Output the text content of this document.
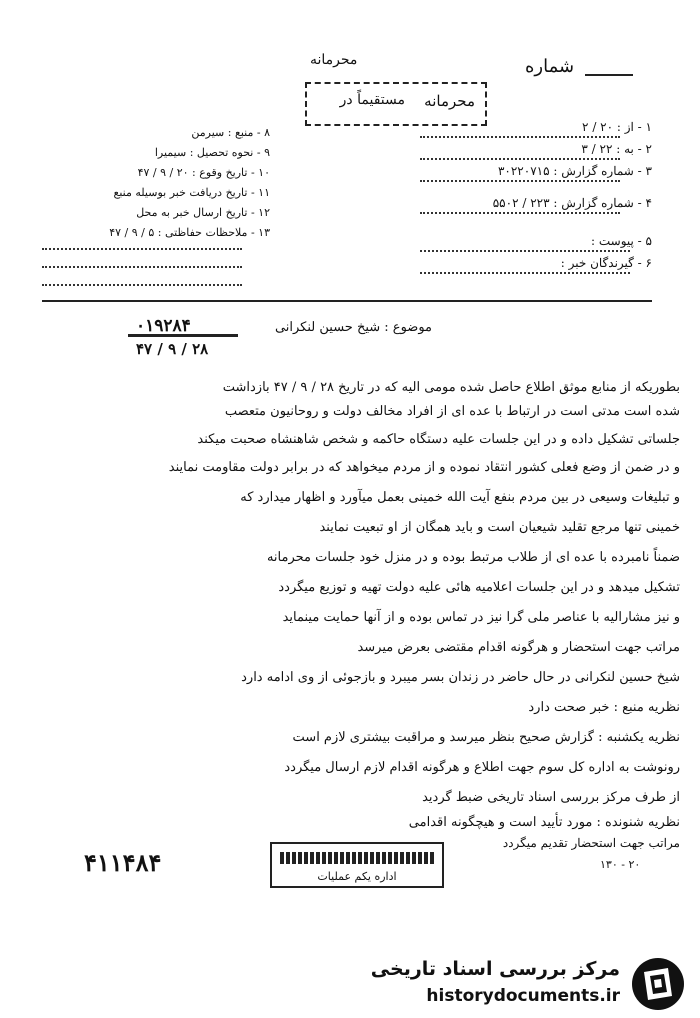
محرمانه
مستقیماً در
شماره
محرمانه
۱ - از : ۲۰ / ۲
۲ - به : ۲۲ / ۳
۳ - شماره گزارش : ۳۰۲۲۰۷۱۵
۴ - شماره گزارش : ۲۲۳ / ۵۵۰۲
۵ - پیوست :
۶ - گیرندگان خبر :
۸ - منبع : سیرمن
۹ - نحوه تحصیل : سیمیرا
۱۰ - تاریخ وقوع : ۲۰ / ۹ / ۴۷
۱۱ - تاریخ دریافت خبر بوسیله منبع
۱۲ - تاریخ ارسال خبر به محل
۱۳ - ملاحظات حفاظتی : ۵ / ۹ / ۴۷
۰۱۹۲۸۴
۲۸ / ۹ / ۴۷
موضوع : شیخ حسین لنکرانی
بطوریکه از منابع موثق اطلاع حاصل شده مومی الیه که در تاریخ ۲۸ / ۹ / ۴۷ بازداشت
شده است مدتی است در ارتباط با عده ای از افراد مخالف دولت و روحانیون متعصب
جلساتی تشکیل داده و در این جلسات علیه دستگاه حاکمه و شخص شاهنشاه صحبت میکند
و در ضمن از وضع فعلی کشور انتقاد نموده و از مردم میخواهد که در برابر دولت مقاومت نمایند
و تبلیغات وسیعی در بین مردم بنفع آیت الله خمینی بعمل میآورد و اظهار میدارد که
خمینی تنها مرجع تقلید شیعیان است و باید همگان از او تبعیت نمایند
ضمناً نامبرده با عده ای از طلاب مرتبط بوده و در منزل خود جلسات محرمانه
تشکیل میدهد و در این جلسات اعلامیه هائی علیه دولت تهیه و توزیع میگردد
و نیز مشارالیه با عناصر ملی گرا نیز در تماس بوده و از آنها حمایت مینماید
مراتب جهت استحضار و هرگونه اقدام مقتضی بعرض میرسد
شیخ حسین لنکرانی در حال حاضر در زندان بسر میبرد و بازجوئی از وی ادامه دارد
نظریه منبع : خبر صحت دارد
نظریه یکشنبه : گزارش صحیح بنظر میرسد و مراقبت بیشتری لازم است
رونوشت به اداره کل سوم جهت اطلاع و هرگونه اقدام لازم ارسال میگردد
از طرف مرکز بررسی اسناد تاریخی ضبط گردید
نظریه شنونده : مورد تأیید است و هیچگونه اقدامی
مراتب جهت استحضار تقدیم میگردد
اداره یکم عملیات
۴۱۱۴۸۴	۲۰ - ۱۳۰
مرکز بررسی اسناد تاریخی
historydocuments.ir
